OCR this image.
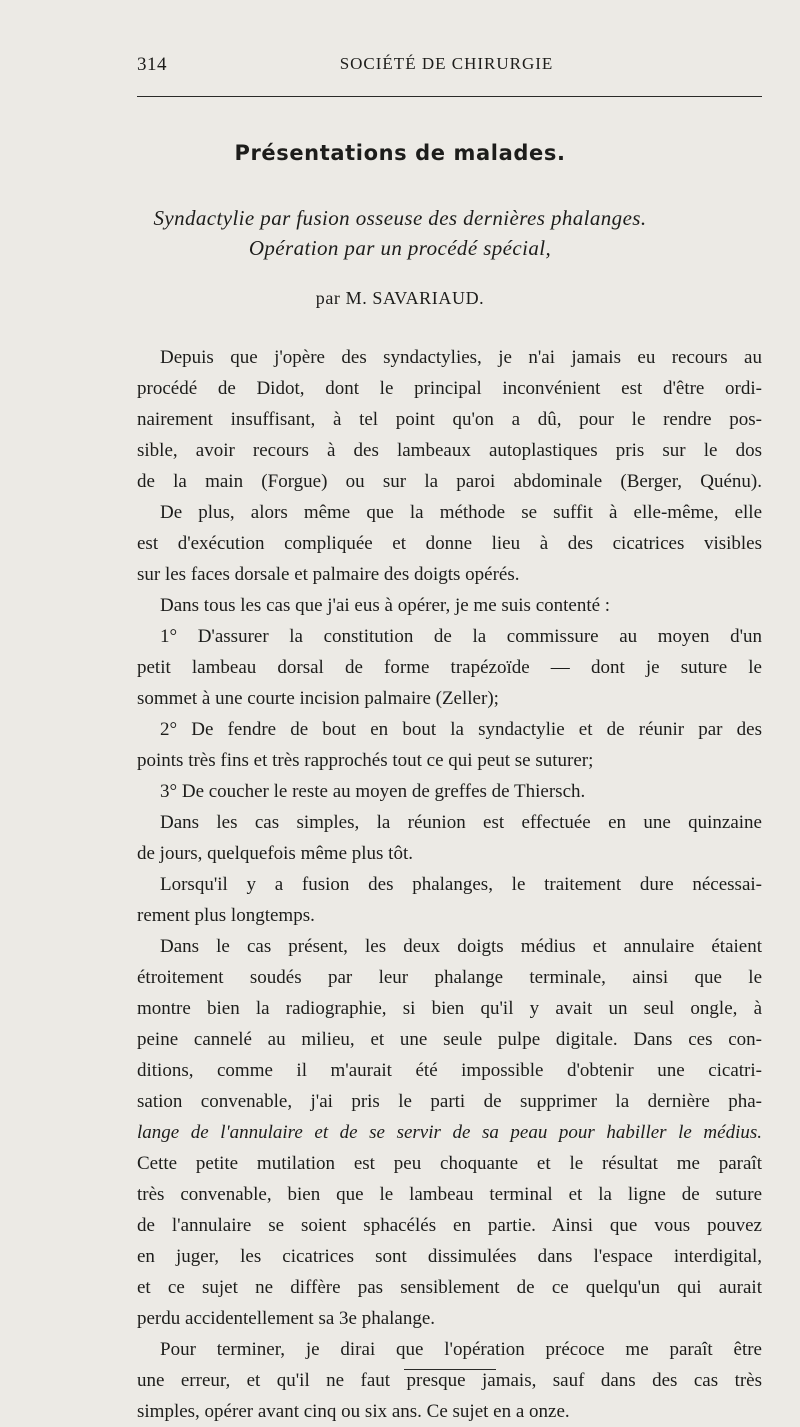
314	SOCIÉTÉ DE CHIRURGIE
Présentations de malades.
Syndactylie par fusion osseuse des dernières phalanges.
Opération par un procédé spécial,
par M. SAVARIAUD.
Depuis que j'opère des syndactylies, je n'ai jamais eu recours au
procédé de Didot, dont le principal inconvénient est d'être ordi-
nairement insuffisant, à tel point qu'on a dû, pour le rendre pos-
sible, avoir recours à des lambeaux autoplastiques pris sur le dos
de la main (Forgue) ou sur la paroi abdominale (Berger, Quénu).
De plus, alors même que la méthode se suffit à elle-même, elle
est d'exécution compliquée et donne lieu à des cicatrices visibles
sur les faces dorsale et palmaire des doigts opérés.
Dans tous les cas que j'ai eus à opérer, je me suis contenté :
1° D'assurer la constitution de la commissure au moyen d'un
petit lambeau dorsal de forme trapézoïde — dont je suture le
sommet à une courte incision palmaire (Zeller);
2° De fendre de bout en bout la syndactylie et de réunir par des
points très fins et très rapprochés tout ce qui peut se suturer;
3° De coucher le reste au moyen de greffes de Thiersch.
Dans les cas simples, la réunion est effectuée en une quinzaine
de jours, quelquefois même plus tôt.
Lorsqu'il y a fusion des phalanges, le traitement dure nécessai-
rement plus longtemps.
Dans le cas présent, les deux doigts médius et annulaire étaient
étroitement soudés par leur phalange terminale, ainsi que le
montre bien la radiographie, si bien qu'il y avait un seul ongle, à
peine cannelé au milieu, et une seule pulpe digitale. Dans ces con-
ditions, comme il m'aurait été impossible d'obtenir une cicatri-
sation convenable, j'ai pris le parti de supprimer la dernière pha-
lange de l'annulaire et de se servir de sa peau pour habiller le médius.
Cette petite mutilation est peu choquante et le résultat me paraît
très convenable, bien que le lambeau terminal et la ligne de suture
de l'annulaire se soient sphacélés en partie. Ainsi que vous pouvez
en juger, les cicatrices sont dissimulées dans l'espace interdigital,
et ce sujet ne diffère pas sensiblement de ce quelqu'un qui aurait
perdu accidentellement sa 3e phalange.
Pour terminer, je dirai que l'opération précoce me paraît être
une erreur, et qu'il ne faut presque jamais, sauf dans des cas très
simples, opérer avant cinq ou six ans. Ce sujet en a onze.
